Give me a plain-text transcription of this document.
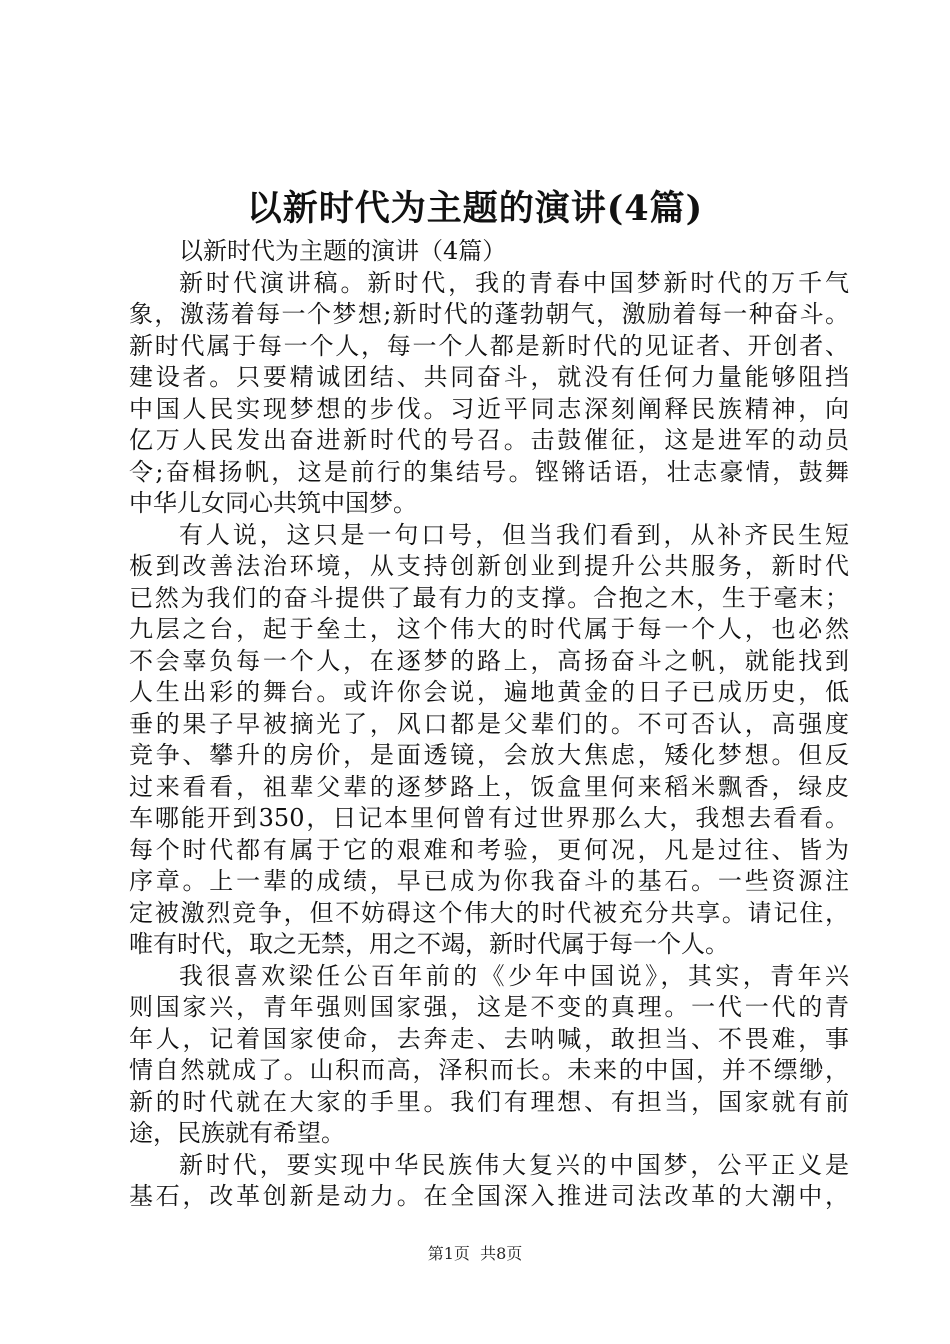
以新时代为主题的演讲(4篇)
以新时代为主题的演讲（4篇）
新时代演讲稿。新时代，我的青春中国梦新时代的万千气
象，激荡着每一个梦想;新时代的蓬勃朝气，激励着每一种奋斗。
新时代属于每一个人，每一个人都是新时代的见证者、开创者、
建设者。只要精诚团结、共同奋斗，就没有任何力量能够阻挡
中国人民实现梦想的步伐。习近平同志深刻阐释民族精神，向
亿万人民发出奋进新时代的号召。击鼓催征，这是进军的动员
令;奋楫扬帆，这是前行的集结号。铿锵话语，壮志豪情，鼓舞
中华儿女同心共筑中国梦。
有人说，这只是一句口号，但当我们看到，从补齐民生短
板到改善法治环境，从支持创新创业到提升公共服务，新时代
已然为我们的奋斗提供了最有力的支撑。合抱之木，生于毫末；
九层之台，起于垒土，这个伟大的时代属于每一个人，也必然
不会辜负每一个人，在逐梦的路上，高扬奋斗之帆，就能找到
人生出彩的舞台。或许你会说，遍地黄金的日子已成历史，低
垂的果子早被摘光了，风口都是父辈们的。不可否认，高强度
竞争、攀升的房价，是面透镜，会放大焦虑，矮化梦想。但反
过来看看，祖辈父辈的逐梦路上，饭盒里何来稻米飘香，绿皮
车哪能开到350，日记本里何曾有过世界那么大，我想去看看。
每个时代都有属于它的艰难和考验，更何况，凡是过往、皆为
序章。上一辈的成绩，早已成为你我奋斗的基石。一些资源注
定被激烈竞争，但不妨碍这个伟大的时代被充分共享。请记住，
唯有时代，取之无禁，用之不竭，新时代属于每一个人。
我很喜欢梁任公百年前的《少年中国说》，其实，青年兴
则国家兴，青年强则国家强，这是不变的真理。一代一代的青
年人，记着国家使命，去奔走、去呐喊，敢担当、不畏难，事
情自然就成了。山积而高，泽积而长。未来的中国，并不缥缈，
新的时代就在大家的手里。我们有理想、有担当，国家就有前
途，民族就有希望。
新时代，要实现中华民族伟大复兴的中国梦，公平正义是
基石，改革创新是动力。在全国深入推进司法改革的大潮中，
第1页  共8页
